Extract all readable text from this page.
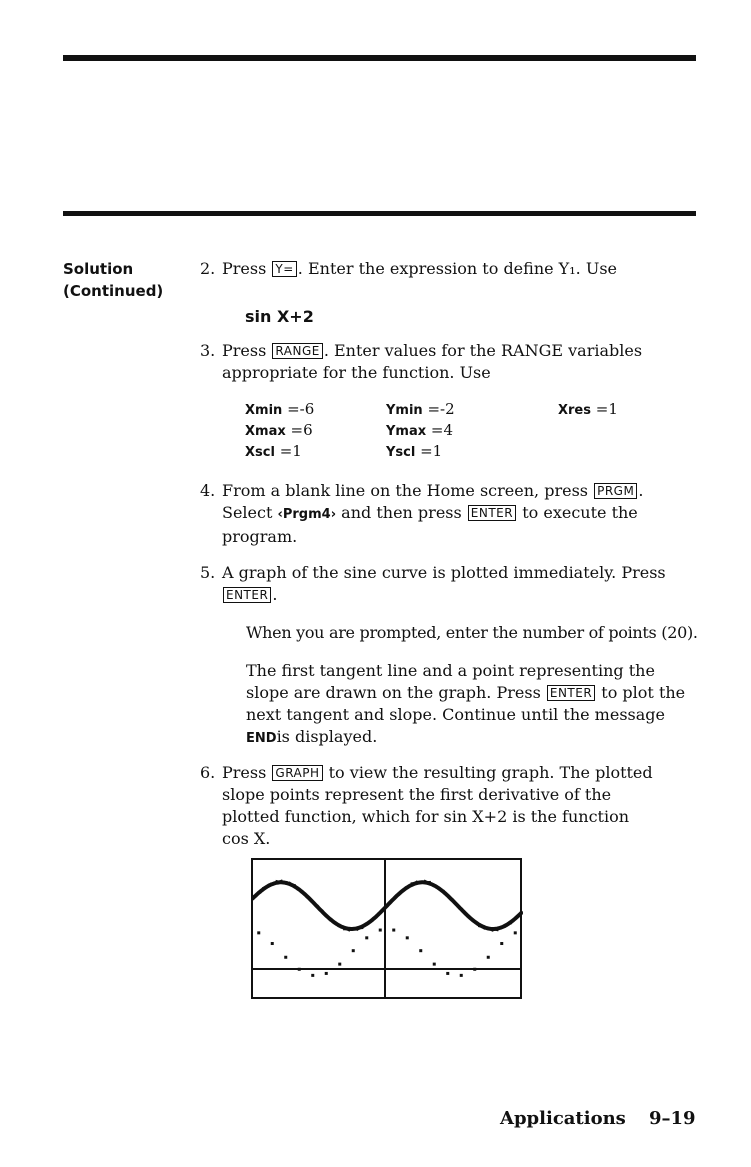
Solution
(Continued)
2. Press Y= . Enter the expression to define Y₁. Use
sin X+2
3. Press RANGE . Enter values for the RANGE variables
appropriate for the function. Use
Xmin =-6
Xmax =6
Xscl =1
Ymin =-2
Ymax =4
Yscl =1
Xres =1
4. From a blank line on the Home screen, press PRGM .
Select ‹Prgm4› and then press ENTER to execute the
program.
5. A graph of the sine curve is plotted immediately. Press
ENTER .
When you are prompted, enter the number of points (20).
The first tangent line and a point representing the
slope are drawn on the graph. Press ENTER to plot the
next tangent and slope. Continue until the message
ENDis displayed.
6. Press GRAPH to view the resulting graph. The plotted
slope points represent the first derivative of the
plotted function, which for sin X+2 is the function
cos X.
Applications 9–19
